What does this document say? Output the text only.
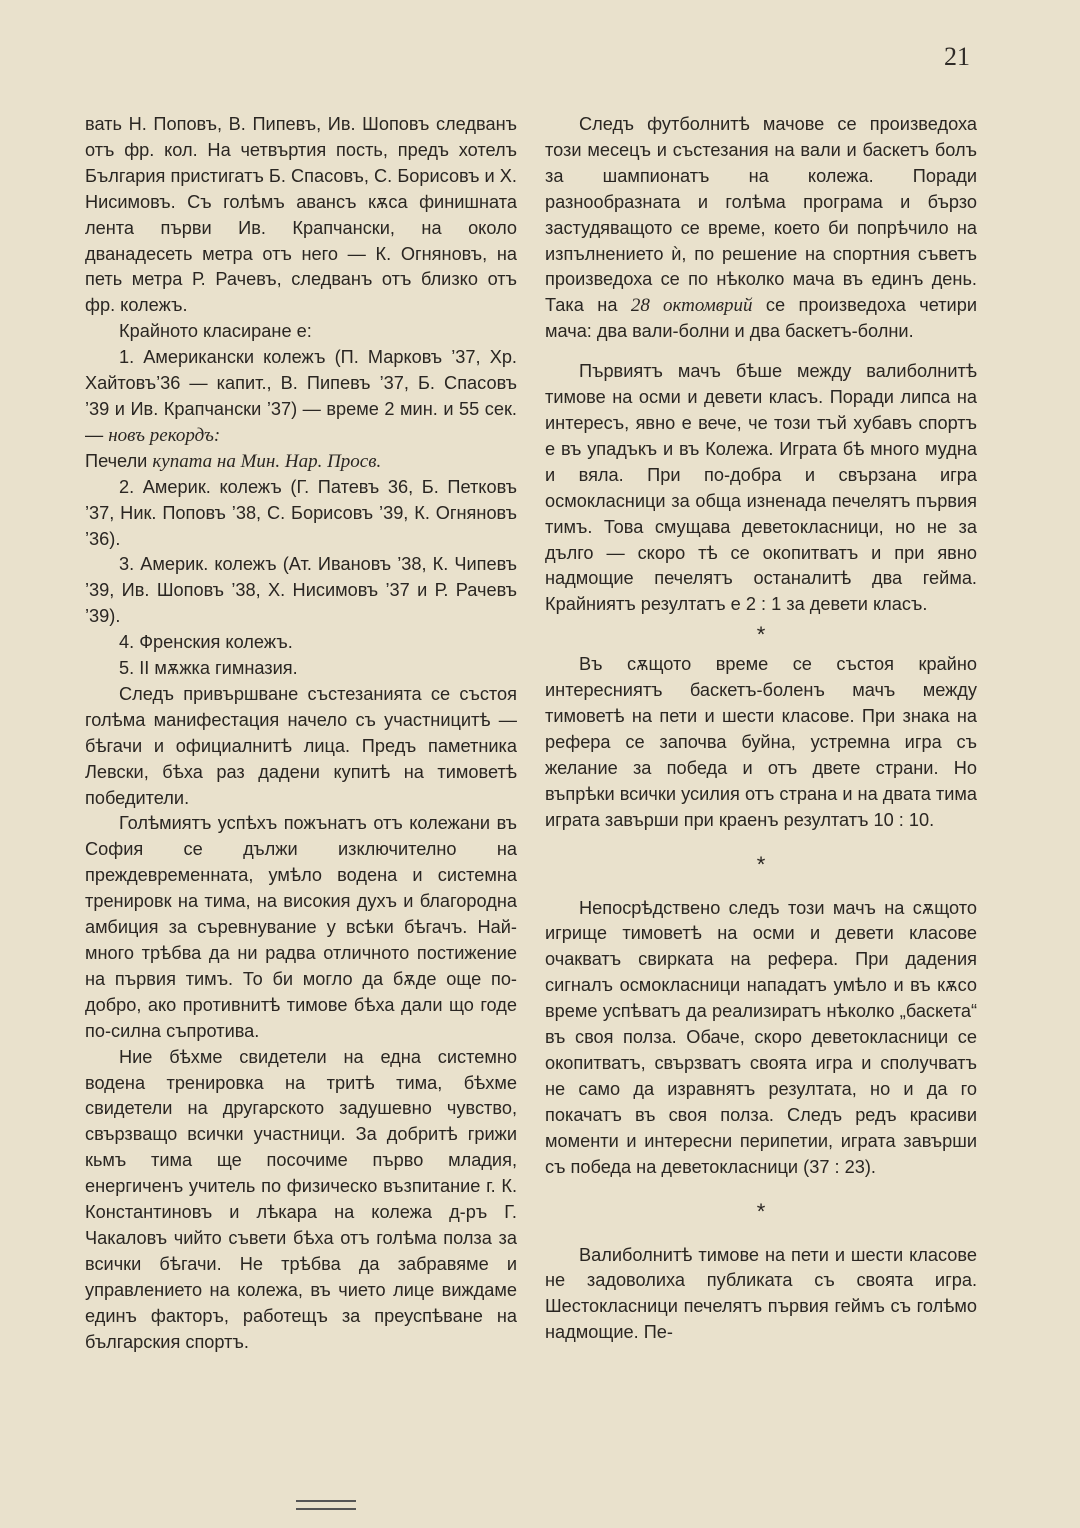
21

вать Н. Поповъ, В. Пипевъ, Ив. Шоповъ следванъ отъ фр. кол. На четвъртия пость, предъ хотелъ България пристигатъ Б. Спасовъ, С. Борисовъ и Х. Нисимовъ. Съ голѣмъ авансъ кѫса финишната лента първи Ив. Крапчански, на около дванадесеть метра отъ него — К. Огняновъ, на петь метра Р. Рачевъ, следванъ отъ близко отъ фр. колежъ.

Крайното класиране е:

1. Американски колежъ (П. Марковъ ’37, Хр. Хайтовъ’36 — капит., В. Пипевъ ’37, Б. Спасовъ ’39 и Ив. Крапчански ’37) — време 2 мин. и 55 сек. — новъ рекордъ:
Печели купата на Мин. Нар. Просв.

2. Америк. колежъ (Г. Патевъ 36, Б. Петковъ ’37, Ник. Поповъ ’38, С. Борисовъ ’39, К. Огняновъ ’36).

3. Америк. колежъ (Ат. Ивановъ ’38, К. Чипевъ ’39, Ив. Шоповъ ’38, Х. Нисимовъ ’37 и Р. Рачевъ ’39).

4. Френския колежъ.

5. II мѫжка гимназия.

Следъ привършване състезанията се състоя голѣма манифестация начело съ участницитѣ — бѣгачи и официалнитѣ лица. Предъ паметника Левски, бѣха раз дадени купитѣ на тимоветѣ победители.

Голѣмиятъ успѣхъ пожънатъ отъ колежани въ София се дължи изключително на преждевременната, умѣло водена и системна тренировк на тима, на високия духъ и благородна амбиция за съревнувание у всѣки бѣгачъ. Най-много трѣбва да ни радва отличното постижение на първия тимъ. То би могло да бѫде още по-добро, ако противнитѣ тимове бѣха дали що годе по-силна съпротива.

Ние бѣхме свидетели на една системно водена тренировка на тритѣ тима, бѣхме свидетели на другарското задушевно чувство, свързващо всички участници. За добритѣ грижи кьмъ тима ще посочиме първо младия, енергиченъ учитель по физическо възпитание г. К. Константиновъ и лѣкара на колежа д-ръ Г. Чакаловъ чийто съвети бѣха отъ голѣма полза за всички бѣгачи. Не трѣбва да забравяме и управлението на колежа, въ чието лице виждаме единъ факторъ, работещъ за преуспѣване на българския спортъ.

Следъ футболнитѣ мачове се произведоха този месецъ и състезания на вали и баскетъ болъ за шампионатъ на колежа. Поради разнообразната и голѣма програма и бързо застудяващото се време, което би попрѣчило на изпълнението ѝ, по решение на спортния съветъ произведоха се по нѣколко мача въ единъ день. Така на 28 октомврий се произведоха четири мача: два вали-болни и два баскетъ-болни.

Първиятъ мачъ бѣше между валиболнитѣ тимове на осми и девети класъ. Поради липса на интересъ, явно е вече, че този тъй хубавъ спортъ е въ упадъкъ и въ Колежа. Играта бѣ много мудна и вяла. При по-добра и свързана игра осмокласници за обща изненада печелятъ първия тимъ. Това смущава деветокласници, но не за дълго — скоро тѣ се окопитватъ и при явно надмощие печелятъ останалитѣ два гейма. Крайниятъ резултатъ е 2 : 1 за девети класъ.

*

Въ сѫщото време се състоя крайно интересниятъ баскетъ-боленъ мачъ между тимоветѣ на пети и шести класове. При знака на рефера се започва буйна, устремна игра съ желание за победа и отъ двете страни. Но въпрѣки всички усилия отъ страна и на двата тима играта завърши при краенъ резултатъ 10 : 10.

*

Непосрѣдствено следъ този мачъ на сѫщото игрище тимоветѣ на осми и девети класове очакватъ свирката на рефера. При дадения сигналъ осмокласници нападатъ умѣло и въ кѫсо време успѣватъ да реализиратъ нѣколко „баскета“ въ своя полза. Обаче, скоро деветокласници се окопитватъ, свързватъ своята игра и сполучватъ не само да изравнятъ резултата, но и да го покачатъ въ своя полза. Следъ редъ красиви моменти и интересни перипетии, играта завърши съ победа на деветокласници (37 : 23).

*

Валиболнитѣ тимове на пети и шести класове не задоволиха публиката съ своята игра. Шестокласници печелятъ първия геймъ съ голѣмо надмощие. Пе-
